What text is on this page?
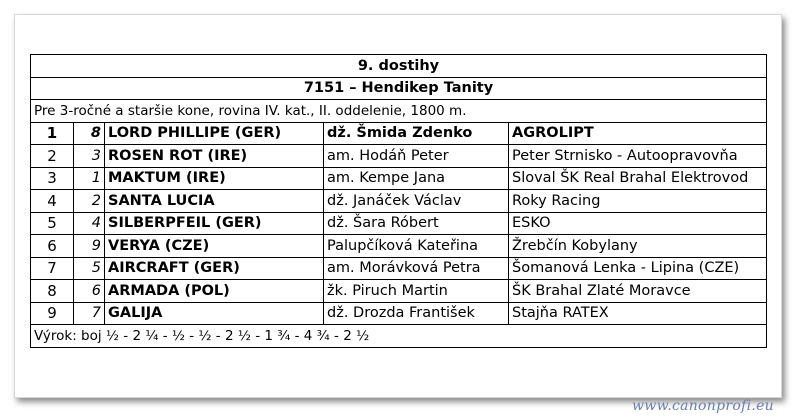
9. dostihy				
7151 – Hendikep Tanity				
Pre 3-ročné a staršie kone, rovina IV. kat., II. oddelenie, 1800 m.				
1	8	LORD PHILLIPE (GER)	dž. Šmida Zdenko	AGROLIPT
2	3	ROSEN ROT (IRE)	am. Hodáň Peter	Peter Strnisko - Autoopravovňa
3	1	MAKTUM (IRE)	am. Kempe Jana	Sloval ŠK Real Brahal Elektrovod
4	2	SANTA LUCIA	dž. Janáček Václav	Roky Racing
5	4	SILBERPFEIL (GER)	dž. Šara Róbert	ESKO
6	9	VERYA (CZE)	Palupčíková Kateřina	Žrebčín Kobylany
7	5	AIRCRAFT (GER)	am. Morávková Petra	Šomanová Lenka - Lipina (CZE)
8	6	ARMADA (POL)	žk. Piruch Martin	ŠK Brahal Zlaté Moravce
9	7	GALIJA	dž. Drozda František	Stajňa RATEX
Výrok: boj ½ - 2 ¼ - ½ - ½ - 2 ½ - 1 ¾ - 4 ¾ - 2 ½				
www.canonprofi.eu
